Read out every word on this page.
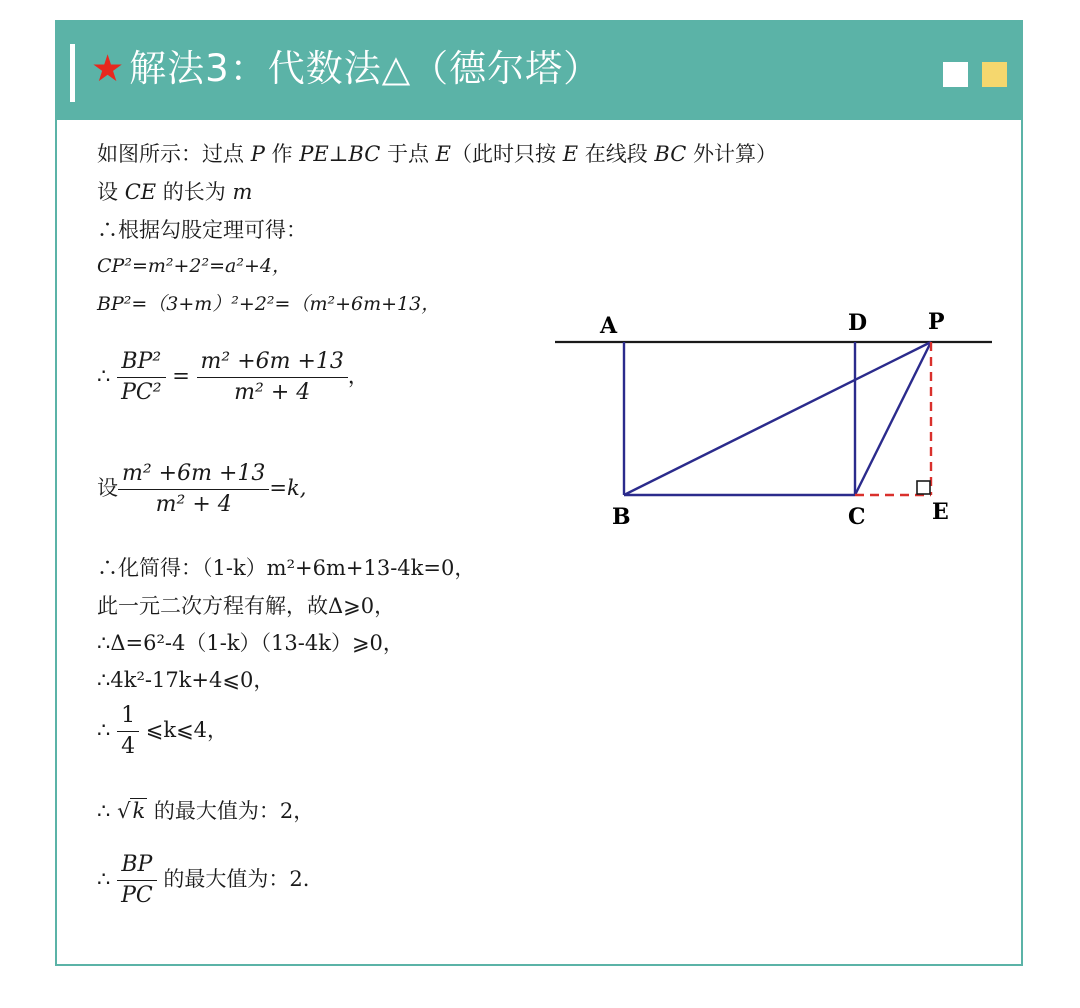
★ 解法3：代数法△（德尔塔）
如图所示：过点 P 作 PE⊥BC 于点 E（此时只按 E 在线段 BC 外计算）
设 CE 的长为 m
∴根据勾股定理可得：
CP²=m²+2²=a²+4，
BP²=（3+m）²+2²=（m²+6m+13，
∴ $\frac{\text{BP²}}{\text{PC²}} = \frac{\text{m² +6m +13}}{\text{m² + 4}}$ ，
设 $\frac{\text{m² +6m +13}}{\text{m² + 4}} =k$,
∴化简得：（1-k）m²+6m+13-4k=0，
此一元二次方程有解，故Δ⩾0，
∴Δ=6²-4（1-k）（13-4k）⩾0，
∴4k²-17k+4⩽0，
∴ $\frac{1}{4}$ ⩽k⩽4，
∴ √k 的最大值为：2，
∴ $\frac{BP}{PC}$ 的最大值为：2.
A	D	P
B	C	E
